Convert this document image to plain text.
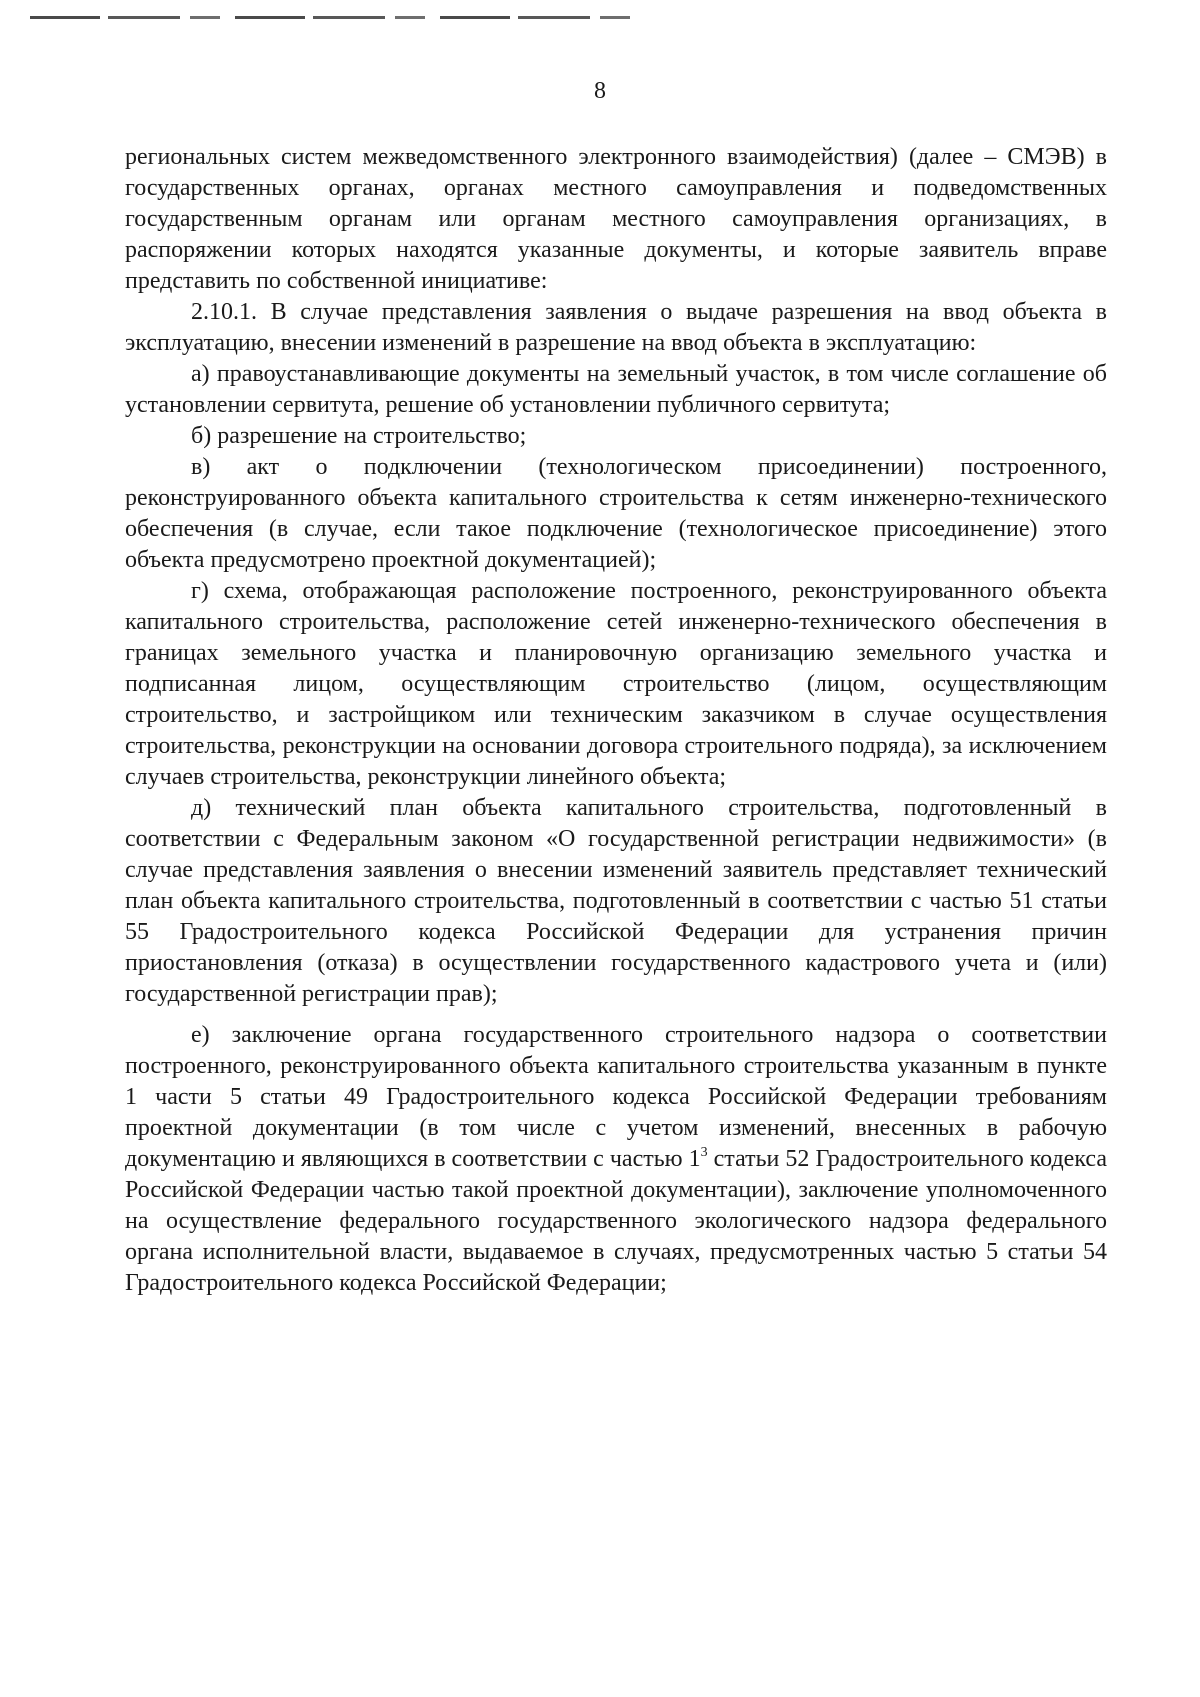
8

региональных систем межведомственного электронного взаимодействия) (далее – СМЭВ) в государственных органах, органах местного самоуправления и подведомственных государственным органам или органам местного самоуправления организациях, в распоряжении которых находятся указанные документы, и которые заявитель вправе представить по собственной инициативе:

2.10.1. В случае представления заявления о выдаче разрешения на ввод объекта в эксплуатацию, внесении изменений в разрешение на ввод объекта в эксплуатацию:

а) правоустанавливающие документы на земельный участок, в том числе соглашение об установлении сервитута, решение об установлении публичного сервитута;

б) разрешение на строительство;

в) акт о подключении (технологическом присоединении) построенного, реконструированного объекта капитального строительства к сетям инженерно-технического обеспечения (в случае, если такое подключение (технологическое присоединение) этого объекта предусмотрено проектной документацией);

г) схема, отображающая расположение построенного, реконструированного объекта капитального строительства, расположение сетей инженерно-технического обеспечения в границах земельного участка и планировочную организацию земельного участка и подписанная лицом, осуществляющим строительство (лицом, осуществляющим строительство, и застройщиком или техническим заказчиком в случае осуществления строительства, реконструкции на основании договора строительного подряда), за исключением случаев строительства, реконструкции линейного объекта;

д) технический план объекта капитального строительства, подготовленный в соответствии с Федеральным законом «О государственной регистрации недвижимости» (в случае представления заявления о внесении изменений заявитель представляет технический план объекта капитального строительства, подготовленный в соответствии с частью 51 статьи 55 Градостроительного кодекса Российской Федерации для устранения причин приостановления (отказа) в осуществлении государственного кадастрового учета и (или) государственной регистрации прав);

е) заключение органа государственного строительного надзора о соответствии построенного, реконструированного объекта капитального строительства указанным в пункте 1 части 5 статьи 49 Градостроительного кодекса Российской Федерации требованиям проектной документации (в том числе с учетом изменений, внесенных в рабочую документацию и являющихся в соответствии с частью $1^3$ статьи 52 Градостроительного кодекса Российской Федерации частью такой проектной документации), заключение уполномоченного на осуществление федерального государственного экологического надзора федерального органа исполнительной власти, выдаваемое в случаях, предусмотренных частью 5 статьи 54 Градостроительного кодекса Российской Федерации;
